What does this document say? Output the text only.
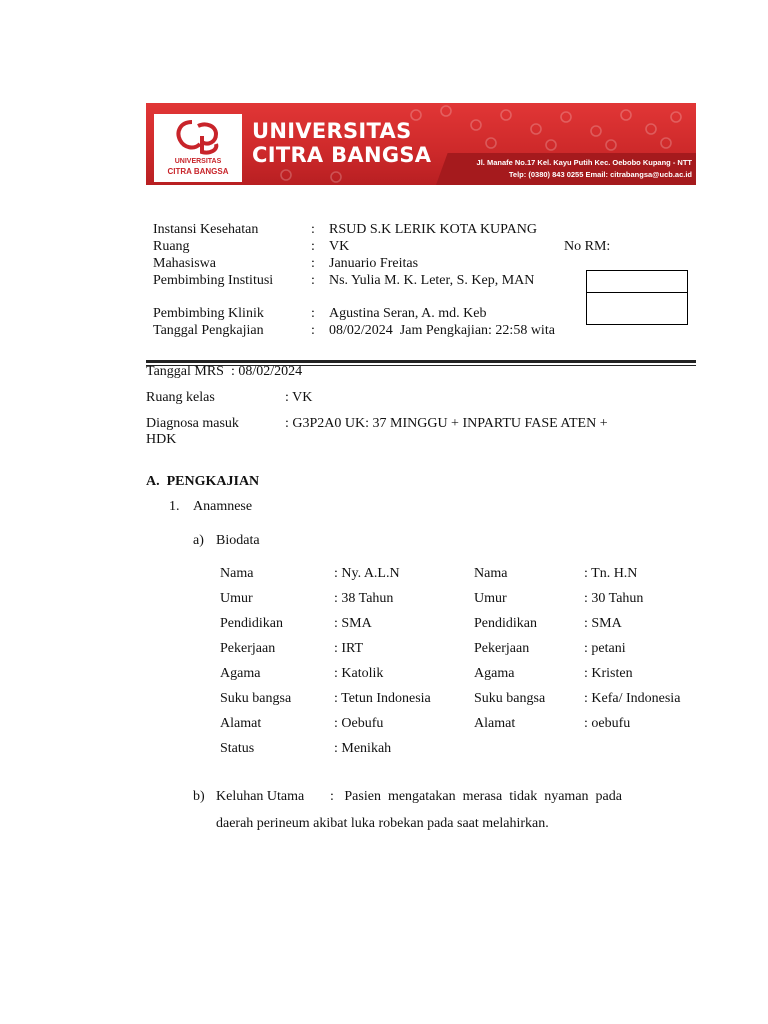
UNIVERSITAS
CITRA BANGSA
UNIVERSITAS
CITRA BANGSA	Jl. Manafe No.17 Kel. Kayu Putih Kec. Oebobo Kupang - NTT
Telp: (0380) 843 0255 Email: citrabangsa@ucb.ac.id
Instansi Kesehatan	: RSUD S.K LERIK KOTA KUPANG
Ruang	: VK	No RM:
Mahasiswa	: Januario Freitas
Pembimbing Institusi	: Ns. Yulia M. K. Leter, S. Kep, MAN
Pembimbing Klinik	: Agustina Seran, A. md. Keb
Tanggal Pengkajian	: 08/02/2024  Jam Pengkajian: 22:58 wita
Tanggal MRS  : 08/02/2024
Ruang kelas	: VK
Diagnosa masuk	: G3P2A0 UK: 37 MINGGU + INPARTU FASE ATEN +
HDK
A.  PENGKAJIAN
1. Anamnese
a) Biodata
Nama	: Ny. A.L.N	Nama	: Tn. H.N
Umur	: 38 Tahun	Umur	: 30 Tahun
Pendidikan	: SMA	Pendidikan	: SMA
Pekerjaan	: IRT	Pekerjaan	: petani
Agama	: Katolik	Agama	: Kristen
Suku bangsa	: Tetun Indonesia	Suku bangsa	: Kefa/ Indonesia
Alamat	: Oebufu	Alamat	: oebufu
Status	: Menikah
b) Keluhan Utama :   Pasien  mengatakan  merasa  tidak  nyaman  pada
daerah perineum akibat luka robekan pada saat melahirkan.
